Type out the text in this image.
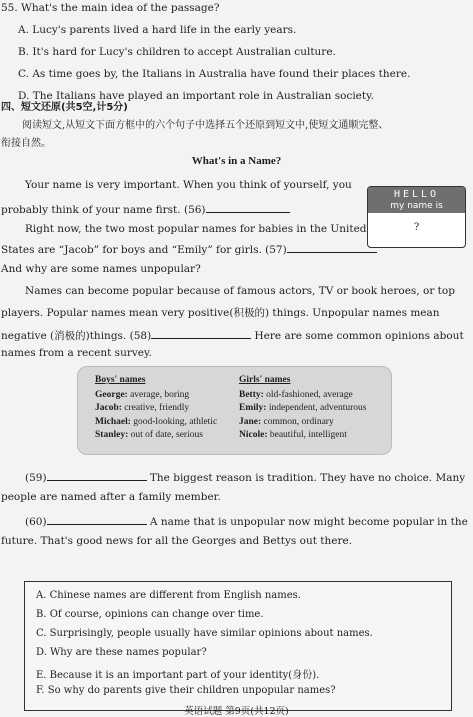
55. What's the main idea of the passage?
A. Lucy's parents lived a hard life in the early years.
B. It's hard for Lucy's children to accept Australian culture.
C. As time goes by, the Italians in Australia have found their places there.
D. The Italians have played an important role in Australian society.
四、短文还原(共5空,计5分)
阅读短文,从短文下面方框中的六个句子中选择五个还原到短文中,使短文通顺完整、
衔接自然。
What's in a Name?
Your name is very important. When you think of yourself, you
probably think of your name first. (56)
Right now, the two most popular names for babies in the United
States are “Jacob” for boys and “Emily” for girls. (57)
And why are some names unpopular?
HELLO
my name is
?
Names can become popular because of famous actors, TV or book heroes, or top
players. Popular names mean very positive(积极的) things. Unpopular names mean
negative (消极的)things. (58)	Here are some common opinions about
names from a recent survey.
Boys' names
George: average, boring
Jacob: creative, friendly
Michael: good-looking, athletic
Stanley: out of date, serious
Girls' names
Betty: old-fashioned, average
Emily: independent, adventurous
Jane: common, ordinary
Nicole: beautiful, intelligent
(59)	The biggest reason is tradition. They have no choice. Many
people are named after a family member.
(60)	A name that is unpopular now might become popular in the
future. That's good news for all the Georges and Bettys out there.
A. Chinese names are different from English names.
B. Of course, opinions can change over time.
C. Surprisingly, people usually have similar opinions about names.
D. Why are these names popular?
E. Because it is an important part of your identity(身份).
F. So why do parents give their children unpopular names?
英语试题 第9页(共12页)
